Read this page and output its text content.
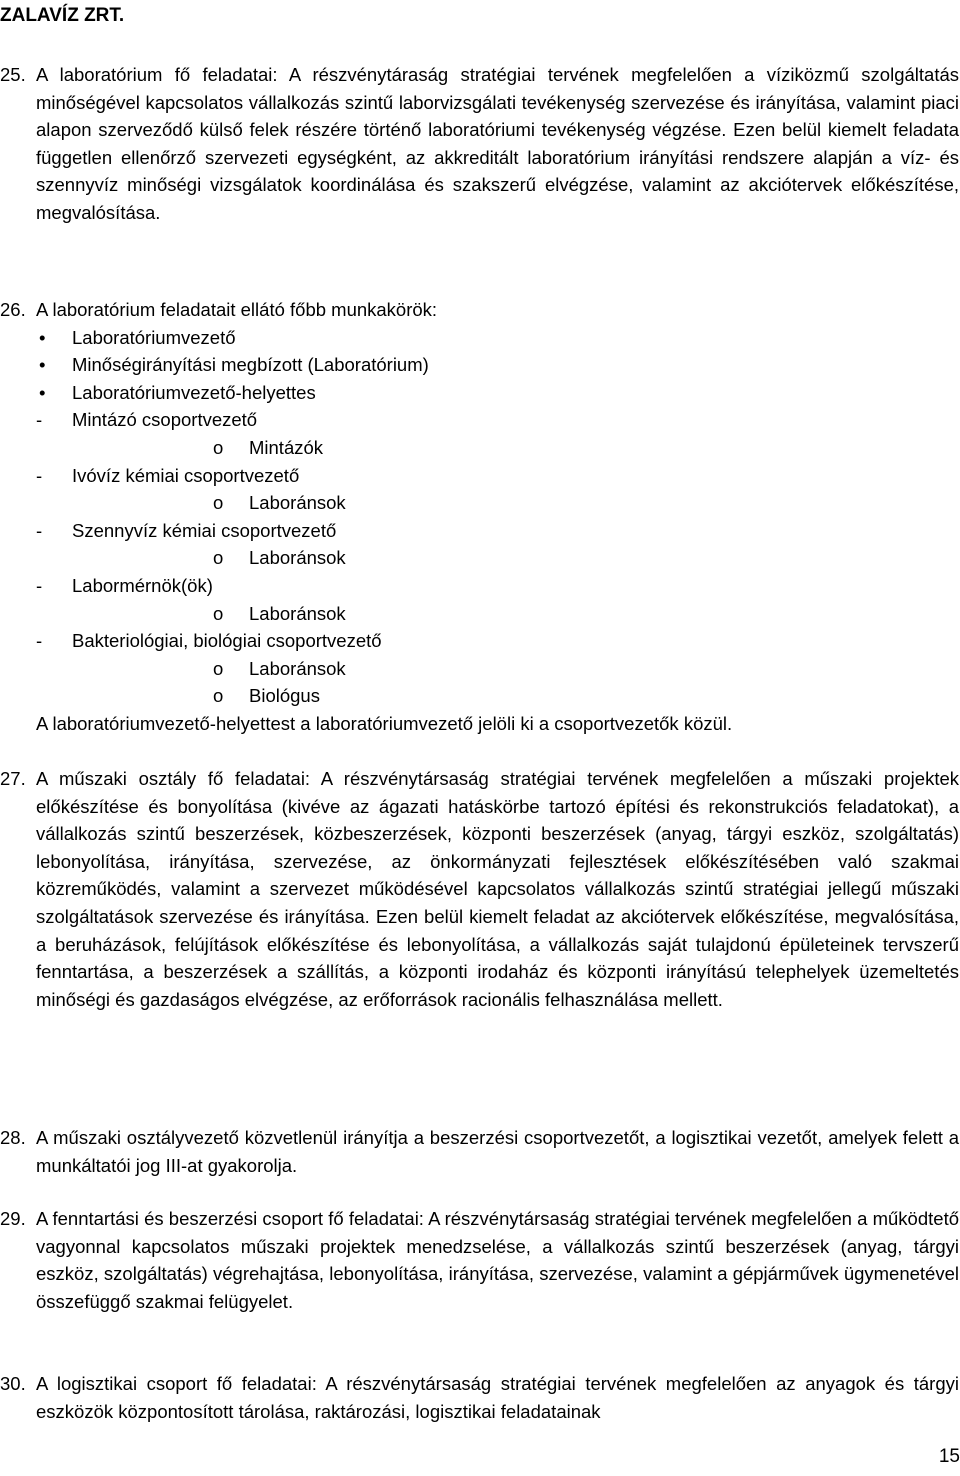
ZALAVÍZ ZRT.
25. A laboratórium fő feladatai: A részvénytáraság stratégiai tervének megfelelően a víziközmű szolgáltatás minőségével kapcsolatos vállalkozás szintű laborvizsgálati tevékenység szervezése és irányítása, valamint piaci alapon szerveződő külső felek részére történő laboratóriumi tevékenység végzése. Ezen belül kiemelt feladata független ellenőrző szervezeti egységként, az akkreditált laboratórium irányítási rendszere alapján a víz- és szennyvíz minőségi vizsgálatok koordinálása és szakszerű elvégzése, valamint az akciótervek előkészítése, megvalósítása.
26. A laboratórium feladatait ellátó főbb munkakörök:
• Laboratóriumvezető
• Minőségirányítási megbízott (Laboratórium)
• Laboratóriumvezető-helyettes
- Mintázó csoportvezető
o Mintázók
- Ivóvíz kémiai csoportvezető
o Laboránsok
- Szennyvíz kémiai csoportvezető
o Laboránsok
- Labormérnök(ök)
o Laboránsok
- Bakteriológiai, biológiai csoportvezető
o Laboránsok
o Biológus
A laboratóriumvezető-helyettest a laboratóriumvezető jelöli ki a csoportvezetők közül.
27. A műszaki osztály fő feladatai: A részvénytársaság stratégiai tervének megfelelően a műszaki projektek előkészítése és bonyolítása (kivéve az ágazati hatáskörbe tartozó építési és rekonstrukciós feladatokat), a vállalkozás szintű beszerzések, közbeszerzések, központi beszerzések (anyag, tárgyi eszköz, szolgáltatás) lebonyolítása, irányítása, szervezése, az önkormányzati fejlesztések előkészítésében való szakmai közreműködés, valamint a szervezet működésével kapcsolatos vállalkozás szintű stratégiai jellegű műszaki szolgáltatások szervezése és irányítása. Ezen belül kiemelt feladat az akciótervek előkészítése, megvalósítása, a beruházások, felújítások előkészítése és lebonyolítása, a vállalkozás saját tulajdonú épületeinek tervszerű fenntartása, a beszerzések a szállítás, a központi irodaház és központi irányítású telephelyek üzemeltetés minőségi és gazdaságos elvégzése, az erőforrások racionális felhasználása mellett.
28. A műszaki osztályvezető közvetlenül irányítja a beszerzési csoportvezetőt, a logisztikai vezetőt, amelyek felett a munkáltatói jog III-at gyakorolja.
29. A fenntartási és beszerzési csoport fő feladatai: A részvénytársaság stratégiai tervének megfelelően a működtető vagyonnal kapcsolatos műszaki projektek menedzselése, a vállalkozás szintű beszerzések (anyag, tárgyi eszköz, szolgáltatás) végrehajtása, lebonyolítása, irányítása, szervezése, valamint a gépjárművek ügymenetével összefüggő szakmai felügyelet.
30. A logisztikai csoport fő feladatai: A részvénytársaság stratégiai tervének megfelelően az anyagok és tárgyi eszközök központosított tárolása, raktározási, logisztikai feladatainak
15
